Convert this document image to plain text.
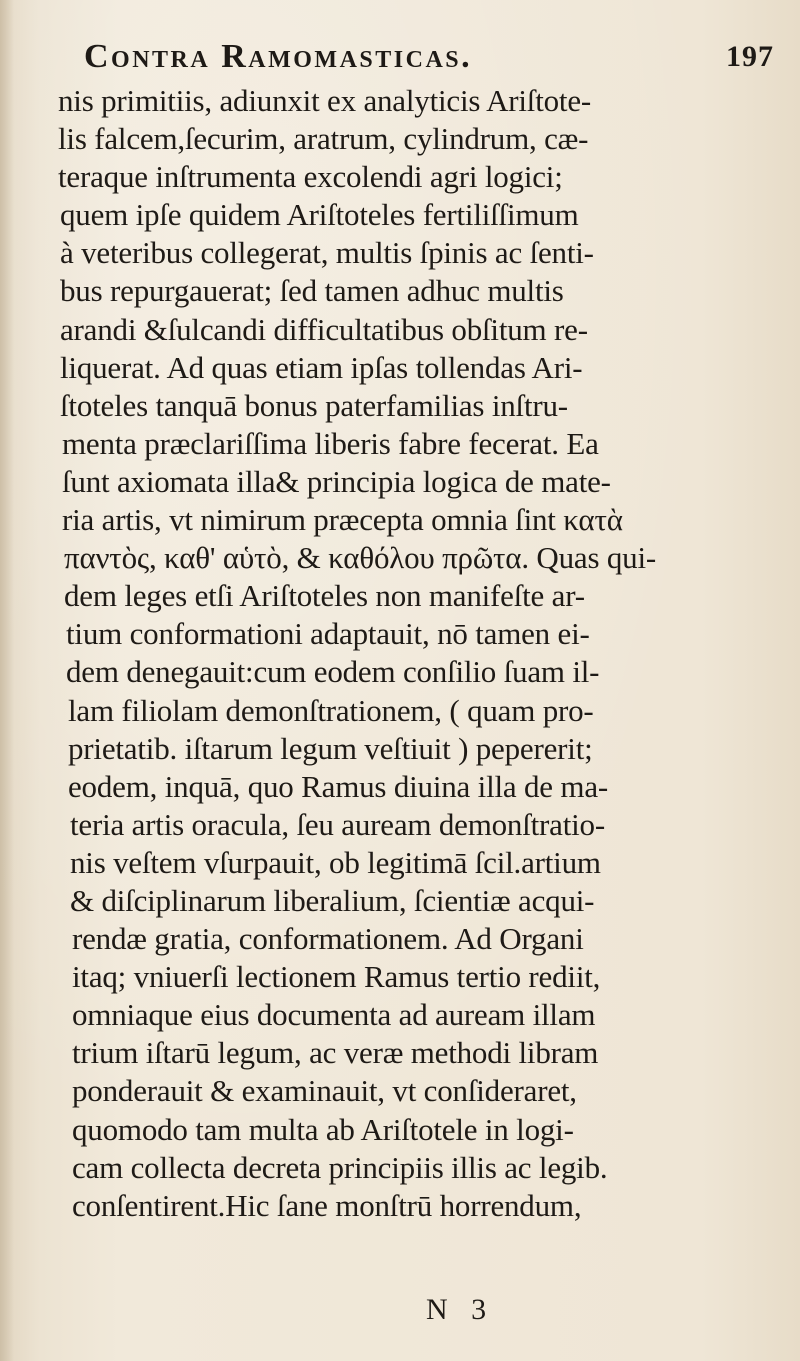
Contra Ramomasticas.	197
nis primitiis, adiunxit ex analyticis Ariſtote-
lis falcem,ſecurim, aratrum, cylindrum, cæ-
teraque inſtrumenta excolendi agri logici;
quem ipſe quidem Ariſtoteles fertiliſſimum
à veteribus collegerat, multis ſpinis ac ſenti-
bus repurgauerat; ſed tamen adhuc multis
arandi &ſulcandi difficultatibus obſitum re-
liquerat. Ad quas etiam ipſas tollendas Ari-
ſtoteles tanquā bonus paterfamilias inſtru-
menta præclariſſima liberis fabre fecerat. Ea
ſunt axiomata illa& principia logica de mate-
ria artis, vt nimirum præcepta omnia ſint κατὰ
παντὸς, καθ' αὑτὸ, & καθόλου πρῶτα. Quas qui-
dem leges etſi Ariſtoteles non manifeſte ar-
tium conformationi adaptauit, nō tamen ei-
dem denegauit:cum eodem conſilio ſuam il-
lam filiolam demonſtrationem, ( quam pro-
prietatib. iſtarum legum veſtiuit ) pepererit;
eodem, inquā, quo Ramus diuina illa de ma-
teria artis oracula, ſeu auream demonſtratio-
nis veſtem vſurpauit, ob legitimā ſcil.artium
& diſciplinarum liberalium, ſcientiæ acqui-
rendæ gratia, conformationem. Ad Organi
itaq; vniuerſi lectionem Ramus tertio rediit,
omniaque eius documenta ad auream illam
trium iſtarū legum, ac veræ methodi libram
ponderauit & examinauit, vt conſideraret,
quomodo tam multa ab Ariſtotele in logi-
cam collecta decreta principiis illis ac legib.
conſentirent.Hic ſane monſtrū horrendum,
N 3
